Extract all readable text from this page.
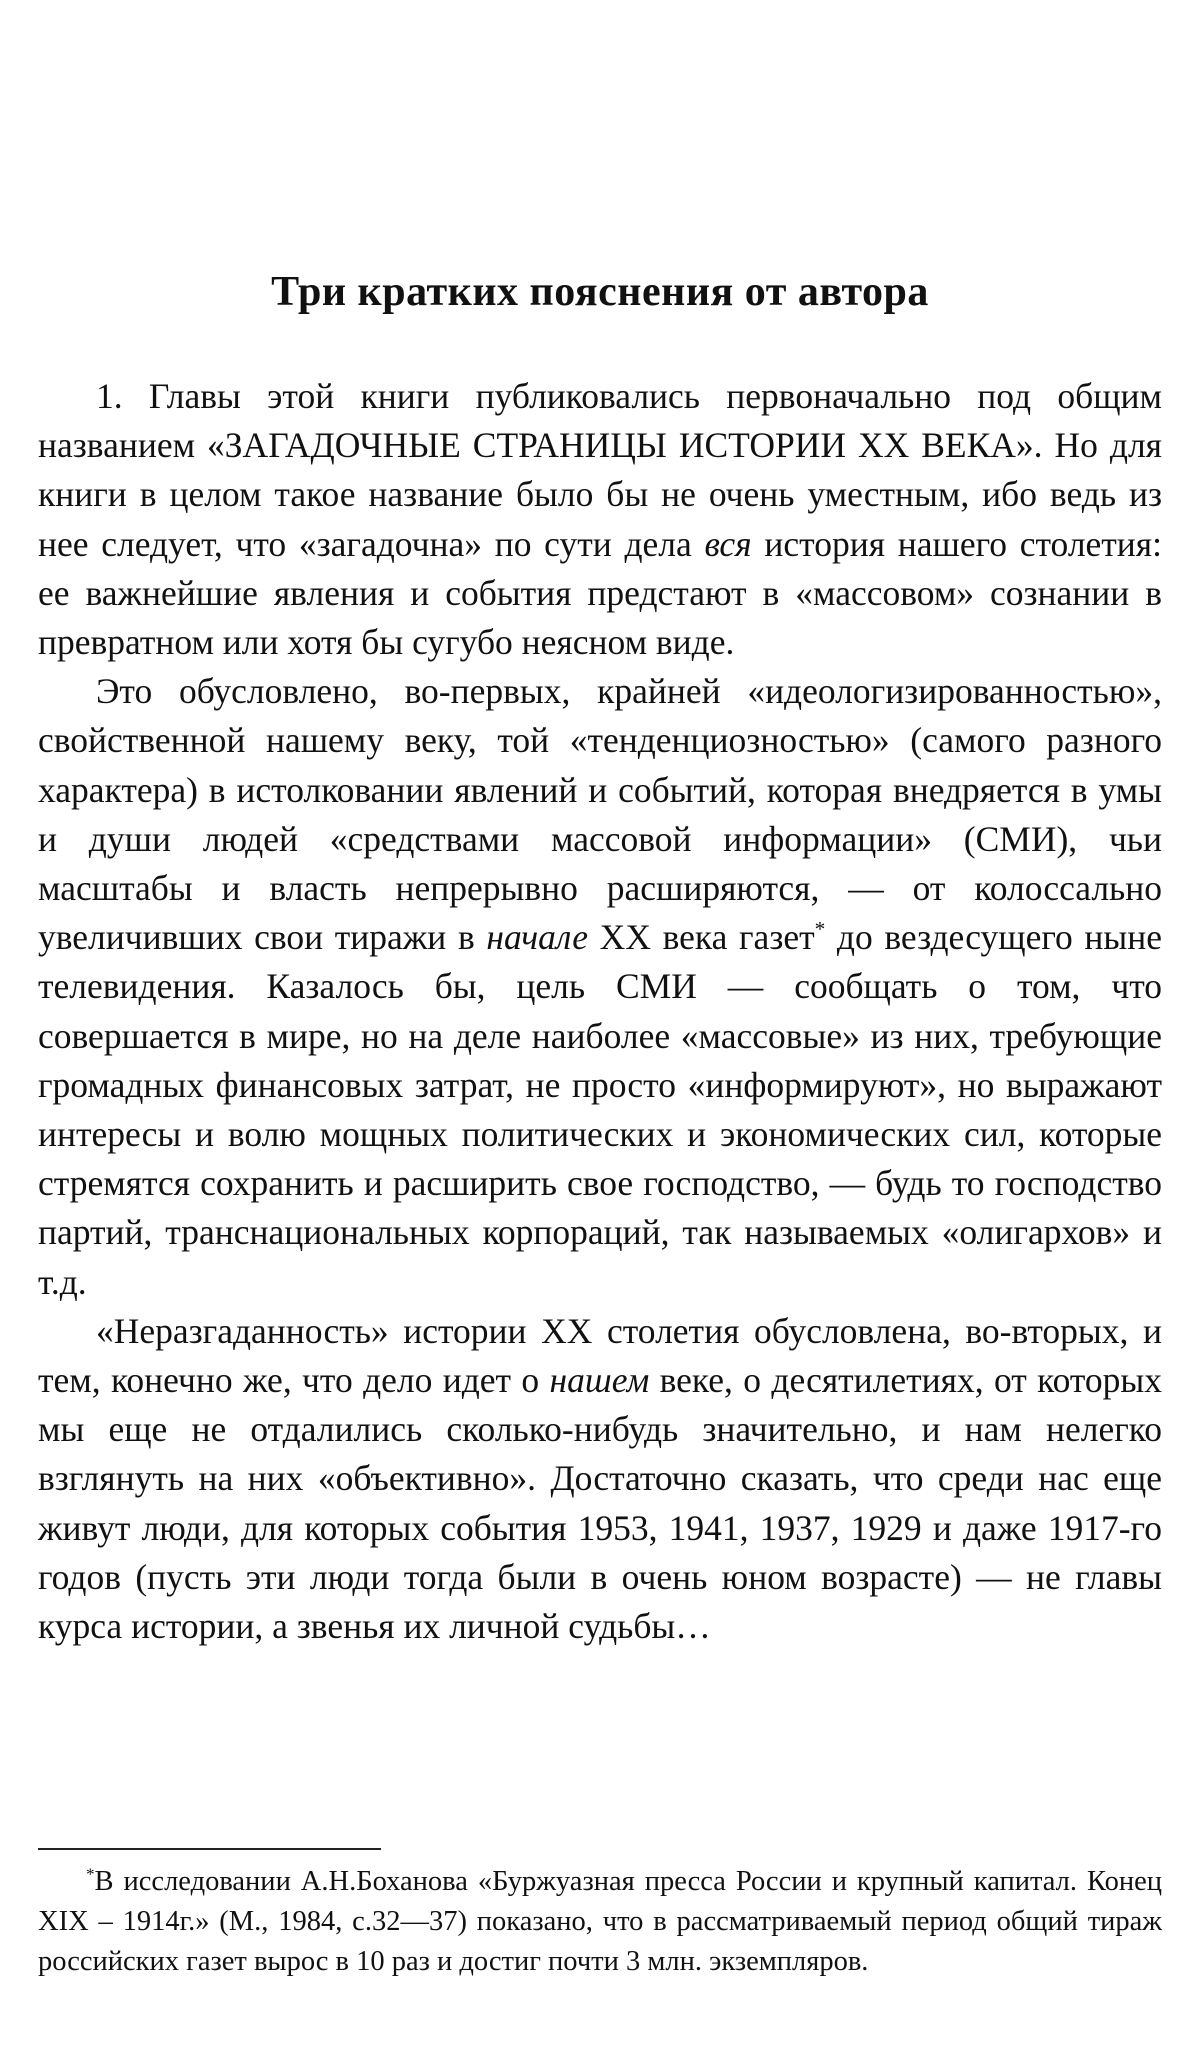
Три кратких пояснения от автора

1. Главы этой книги публиковались первоначально под общим названием «ЗАГАДОЧНЫЕ СТРАНИЦЫ ИСТОРИИ XX ВЕКА». Но для книги в целом такое название было бы не очень уместным, ибо ведь из нее следует, что «загадочна» по сути дела вся история нашего столетия: ее важнейшие явления и события предстают в «массовом» сознании в превратном или хотя бы сугубо неясном виде.

Это обусловлено, во-первых, крайней «идеологизированностью», свойственной нашему веку, той «тенденциозностью» (самого разного характера) в истолковании явлений и событий, которая внедряется в умы и души людей «средствами массовой информации» (СМИ), чьи масштабы и власть непрерывно расширяются, — от колоссально увеличивших свои тиражи в начале XX века газет* до вездесущего ныне телевидения. Казалось бы, цель СМИ — сообщать о том, что совершается в мире, но на деле наиболее «массовые» из них, требующие громадных финансовых затрат, не просто «информируют», но выражают интересы и волю мощных политических и экономических сил, которые стремятся сохранить и расширить свое господство, — будь то господство партий, транснациональных корпораций, так называемых «олигархов» и т.д.

«Неразгаданность» истории XX столетия обусловлена, во-вторых, и тем, конечно же, что дело идет о нашем веке, о десятилетиях, от которых мы еще не отдалились сколько-нибудь значительно, и нам нелегко взглянуть на них «объективно». Достаточно сказать, что среди нас еще живут люди, для которых события 1953, 1941, 1937, 1929 и даже 1917-го годов (пусть эти люди тогда были в очень юном возрасте) — не главы курса истории, а звенья их личной судьбы…

*В исследовании А.Н.Боханова «Буржуазная пресса России и крупный капитал. Конец XIX – 1914г.» (М., 1984, с.32—37) показано, что в рассматриваемый период общий тираж российских газет вырос в 10 раз и достиг почти 3 млн. экземпляров.
